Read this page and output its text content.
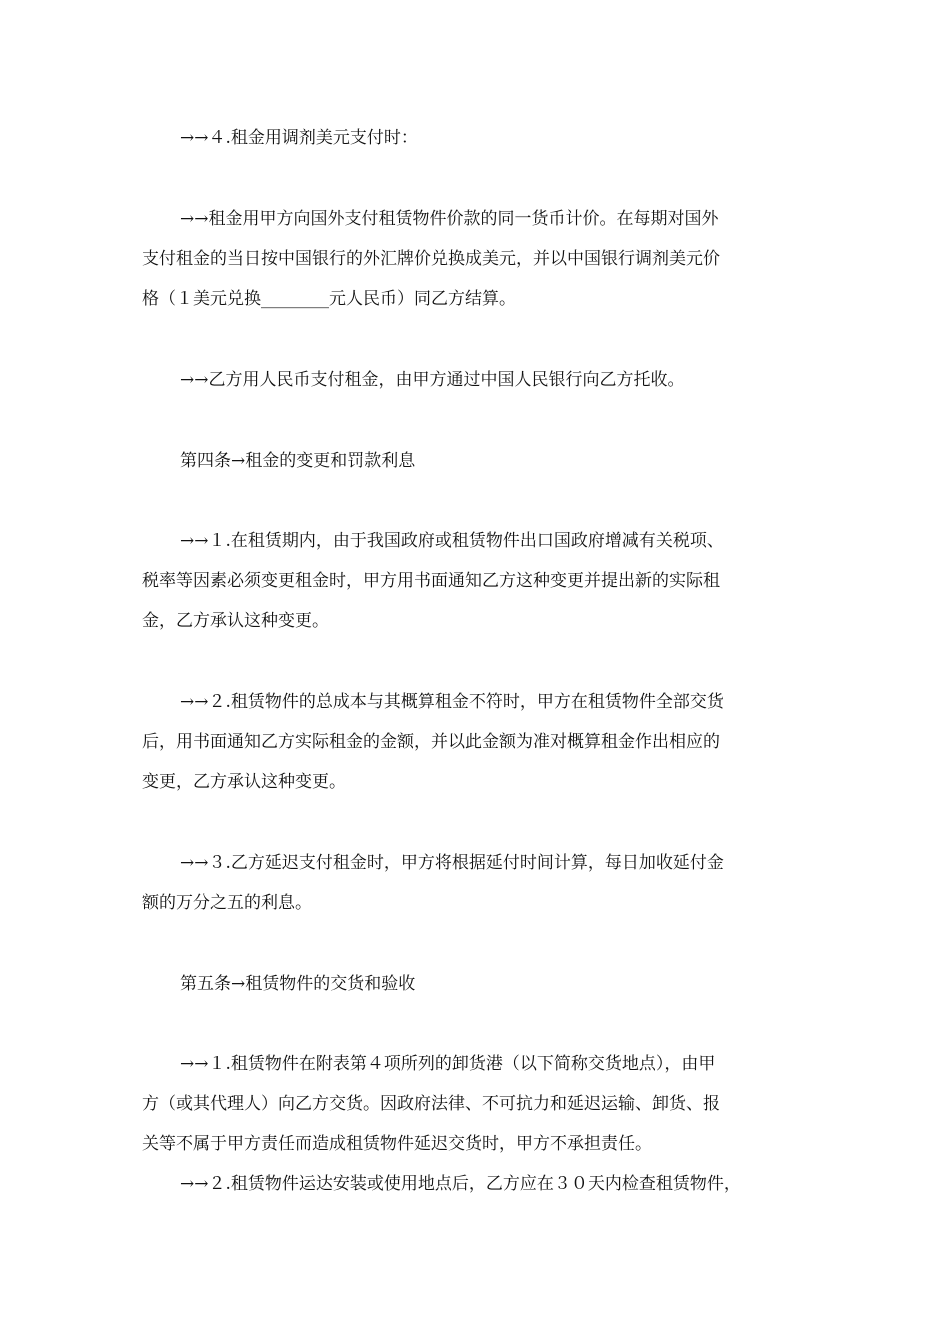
→→４.租金用调剂美元支付时：
→→租金用甲方向国外支付租赁物件价款的同一货币计价。在每期对国外
支付租金的当日按中国银行的外汇牌价兑换成美元，并以中国银行调剂美元价
格（１美元兑换________元人民币）同乙方结算。
→→乙方用人民币支付租金，由甲方通过中国人民银行向乙方托收。
第四条→租金的变更和罚款利息
→→１.在租赁期内，由于我国政府或租赁物件出口国政府增减有关税项、
税率等因素必须变更租金时，甲方用书面通知乙方这种变更并提出新的实际租
金，乙方承认这种变更。
→→２.租赁物件的总成本与其概算租金不符时，甲方在租赁物件全部交货
后，用书面通知乙方实际租金的金额，并以此金额为准对概算租金作出相应的
变更，乙方承认这种变更。
→→３.乙方延迟支付租金时，甲方将根据延付时间计算，每日加收延付金
额的万分之五的利息。
第五条→租赁物件的交货和验收
→→１.租赁物件在附表第４项所列的卸货港（以下简称交货地点），由甲
方（或其代理人）向乙方交货。因政府法律、不可抗力和延迟运输、卸货、报
关等不属于甲方责任而造成租赁物件延迟交货时，甲方不承担责任。
→→２.租赁物件运达安装或使用地点后，乙方应在３０天内检查租赁物件，
